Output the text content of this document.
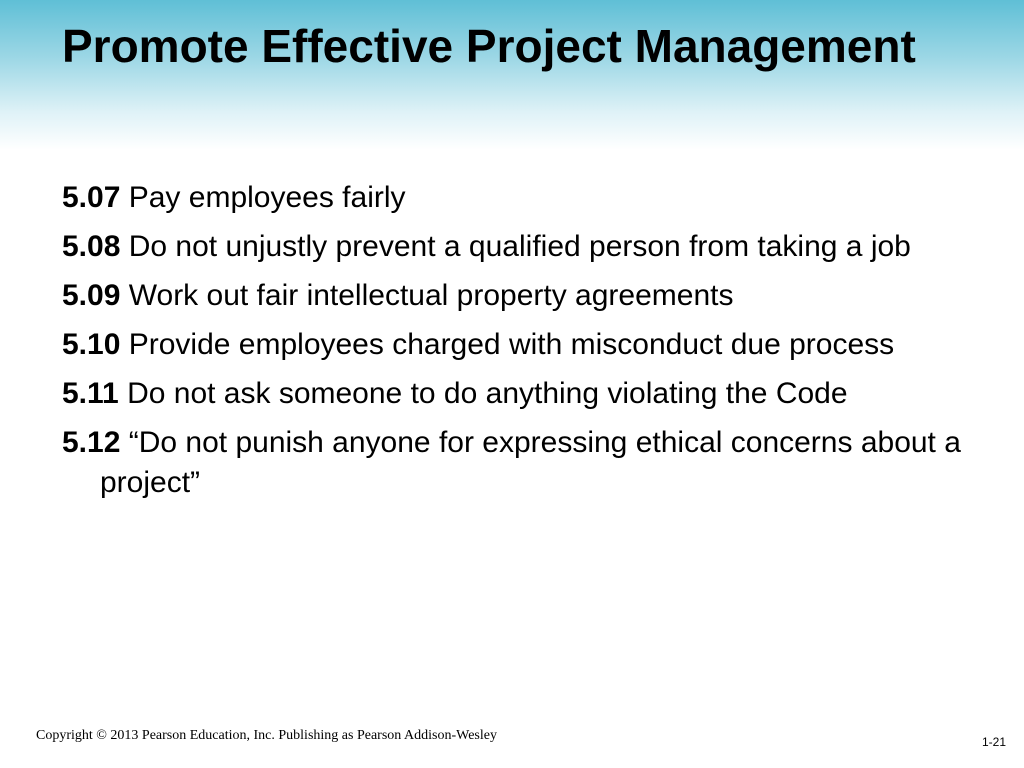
Promote Effective Project Management
5.07 Pay employees fairly
5.08 Do not unjustly prevent a qualified person from taking a job
5.09 Work out fair intellectual property agreements
5.10 Provide employees charged with misconduct due process
5.11 Do not ask someone to do anything violating the Code
5.12 “Do not punish anyone for expressing ethical concerns about a project”
Copyright © 2013 Pearson Education, Inc. Publishing as Pearson Addison-Wesley	1-21
